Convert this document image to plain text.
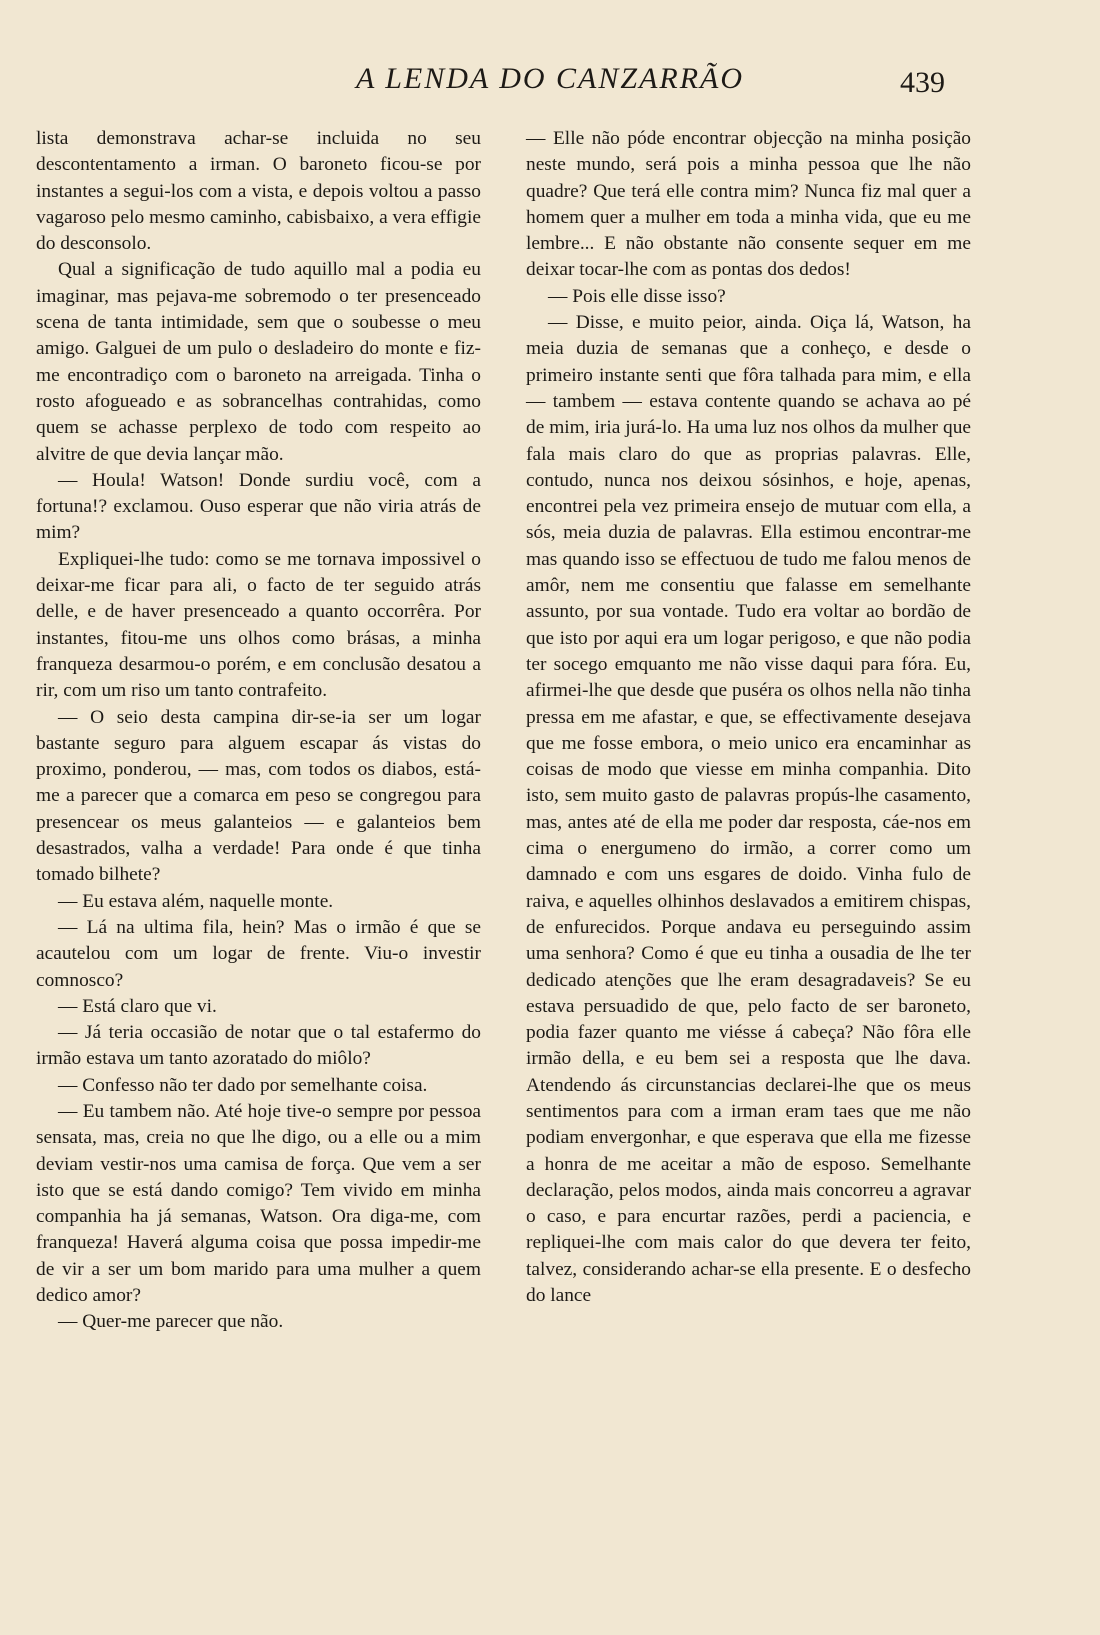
A LENDA DO CANZARRÃO	439

lista demonstrava achar-se incluida no seu descontentamento a irman. O baroneto ficou-se por instantes a segui-los com a vista, e depois voltou a passo vagaroso pelo mesmo caminho, cabisbaixo, a vera effigie do desconsolo.

Qual a significação de tudo aquillo mal a podia eu imaginar, mas pejava-me sobremodo o ter presenceado scena de tanta intimidade, sem que o soubesse o meu amigo. Galguei de um pulo o desladeiro do monte e fiz-me encontradiço com o baroneto na arreigada. Tinha o rosto afogueado e as sobrancelhas contrahidas, como quem se achasse perplexo de todo com respeito ao alvitre de que devia lançar mão.

— Houla! Watson! Donde surdiu você, com a fortuna!? exclamou. Ouso esperar que não viria atrás de mim?

Expliquei-lhe tudo: como se me tornava impossivel o deixar-me ficar para ali, o facto de ter seguido atrás delle, e de haver presenceado a quanto occorrêra. Por instantes, fitou-me uns olhos como brásas, a minha franqueza desarmou-o porém, e em conclusão desatou a rir, com um riso um tanto contrafeito.

— O seio desta campina dir-se-ia ser um logar bastante seguro para alguem escapar ás vistas do proximo, ponderou, — mas, com todos os diabos, está-me a parecer que a comarca em peso se congregou para presencear os meus galanteios — e galanteios bem desastrados, valha a verdade! Para onde é que tinha tomado bilhete?

— Eu estava além, naquelle monte.

— Lá na ultima fila, hein? Mas o irmão é que se acautelou com um logar de frente. Viu-o investir comnosco?

— Está claro que vi.

— Já teria occasião de notar que o tal estafermo do irmão estava um tanto azoratado do miôlo?

— Confesso não ter dado por semelhante coisa.

— Eu tambem não. Até hoje tive-o sempre por pessoa sensata, mas, creia no que lhe digo, ou a elle ou a mim deviam vestir-nos uma camisa de força. Que vem a ser isto que se está dando comigo? Tem vivido em minha companhia ha já semanas, Watson. Ora diga-me, com franqueza! Haverá alguma coisa que possa impedir-me de vir a ser um bom marido para uma mulher a quem dedico amor?

— Quer-me parecer que não.

— Elle não póde encontrar objecção na minha posição neste mundo, será pois a minha pessoa que lhe não quadre? Que terá elle contra mim? Nunca fiz mal quer a homem quer a mulher em toda a minha vida, que eu me lembre... E não obstante não consente sequer em me deixar tocar-lhe com as pontas dos dedos!

— Pois elle disse isso?

— Disse, e muito peior, ainda. Oiça lá, Watson, ha meia duzia de semanas que a conheço, e desde o primeiro instante senti que fôra talhada para mim, e ella — tambem — estava contente quando se achava ao pé de mim, iria jurá-lo. Ha uma luz nos olhos da mulher que fala mais claro do que as proprias palavras. Elle, contudo, nunca nos deixou sósinhos, e hoje, apenas, encontrei pela vez primeira ensejo de mutuar com ella, a sós, meia duzia de palavras. Ella estimou encontrar-me mas quando isso se effectuou de tudo me falou menos de amôr, nem me consentiu que falasse em semelhante assunto, por sua vontade. Tudo era voltar ao bordão de que isto por aqui era um logar perigoso, e que não podia ter socego emquanto me não visse daqui para fóra. Eu, afirmei-lhe que desde que puséra os olhos nella não tinha pressa em me afastar, e que, se effectivamente desejava que me fosse embora, o meio unico era encaminhar as coisas de modo que viesse em minha companhia. Dito isto, sem muito gasto de palavras propús-lhe casamento, mas, antes até de ella me poder dar resposta, cáe-nos em cima o energumeno do irmão, a correr como um damnado e com uns esgares de doido. Vinha fulo de raiva, e aquelles olhinhos deslavados a emitirem chispas, de enfurecidos. Porque andava eu perseguindo assim uma senhora? Como é que eu tinha a ousadia de lhe ter dedicado atenções que lhe eram desagradaveis? Se eu estava persuadido de que, pelo facto de ser baroneto, podia fazer quanto me viésse á cabeça? Não fôra elle irmão della, e eu bem sei a resposta que lhe dava. Atendendo ás circunstancias declarei-lhe que os meus sentimentos para com a irman eram taes que me não podiam envergonhar, e que esperava que ella me fizesse a honra de me aceitar a mão de esposo. Semelhante declaração, pelos modos, ainda mais concorreu a agravar o caso, e para encurtar razões, perdi a paciencia, e repliquei-lhe com mais calor do que devera ter feito, talvez, considerando achar-se ella presente. E o desfecho do lance
